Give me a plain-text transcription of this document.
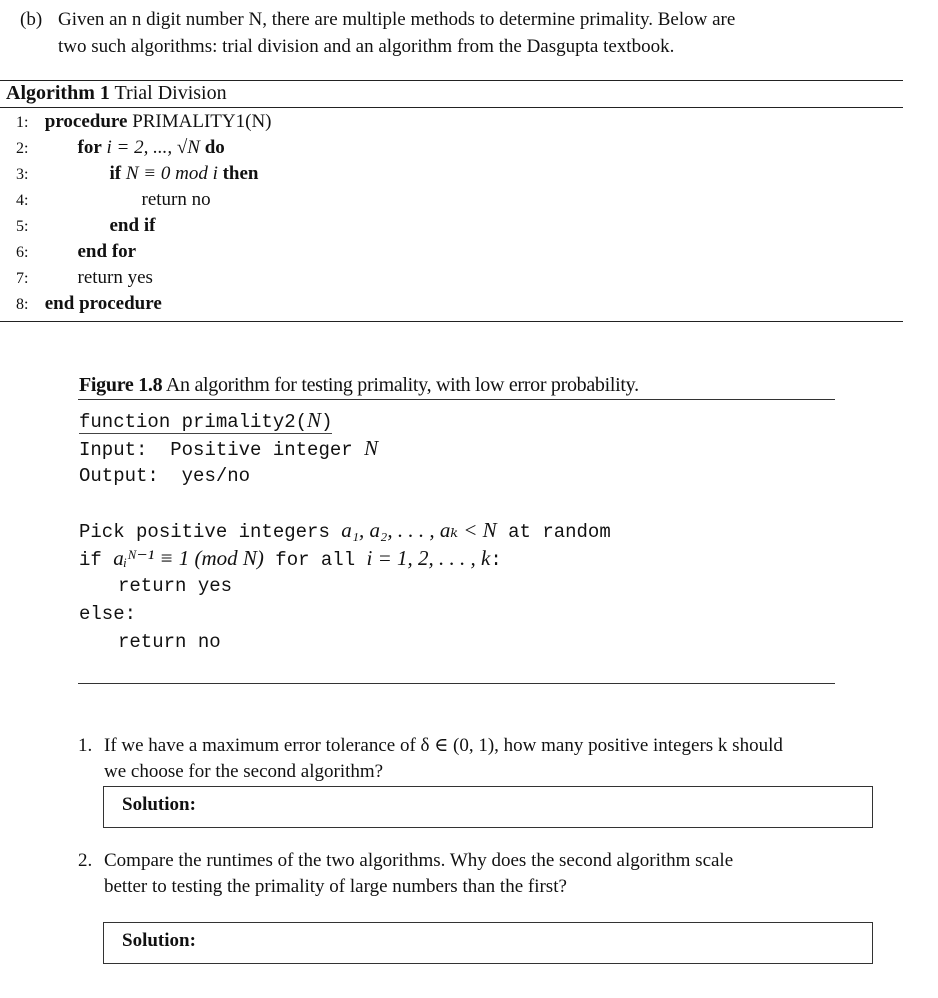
(b) Given an n digit number N, there are multiple methods to determine primality. Below are
two such algorithms: trial division and an algorithm from the Dasgupta textbook.
Algorithm 1 Trial Division
1: procedure PRIMALITY1(N)
2:	for i = 2, ..., √N do
3:	if N ≡ 0 mod i then
4:	return no
5:	end if
6:	end for
7:	return yes
8: end procedure
Figure 1.8 An algorithm for testing primality, with low error probability.
function primality2(N)
Input: Positive integer N
Output: yes/no
Pick positive integers a₁, a₂, . . . , aₖ < N at random
if aᵢᴺ⁻¹ ≡ 1 (mod N) for all i = 1, 2, . . . , k:
return yes
else:
return no
1. If we have a maximum error tolerance of δ ∈ (0, 1), how many positive integers k should
we choose for the second algorithm?
Solution:
2. Compare the runtimes of the two algorithms. Why does the second algorithm scale
better to testing the primality of large numbers than the first?
Solution:
